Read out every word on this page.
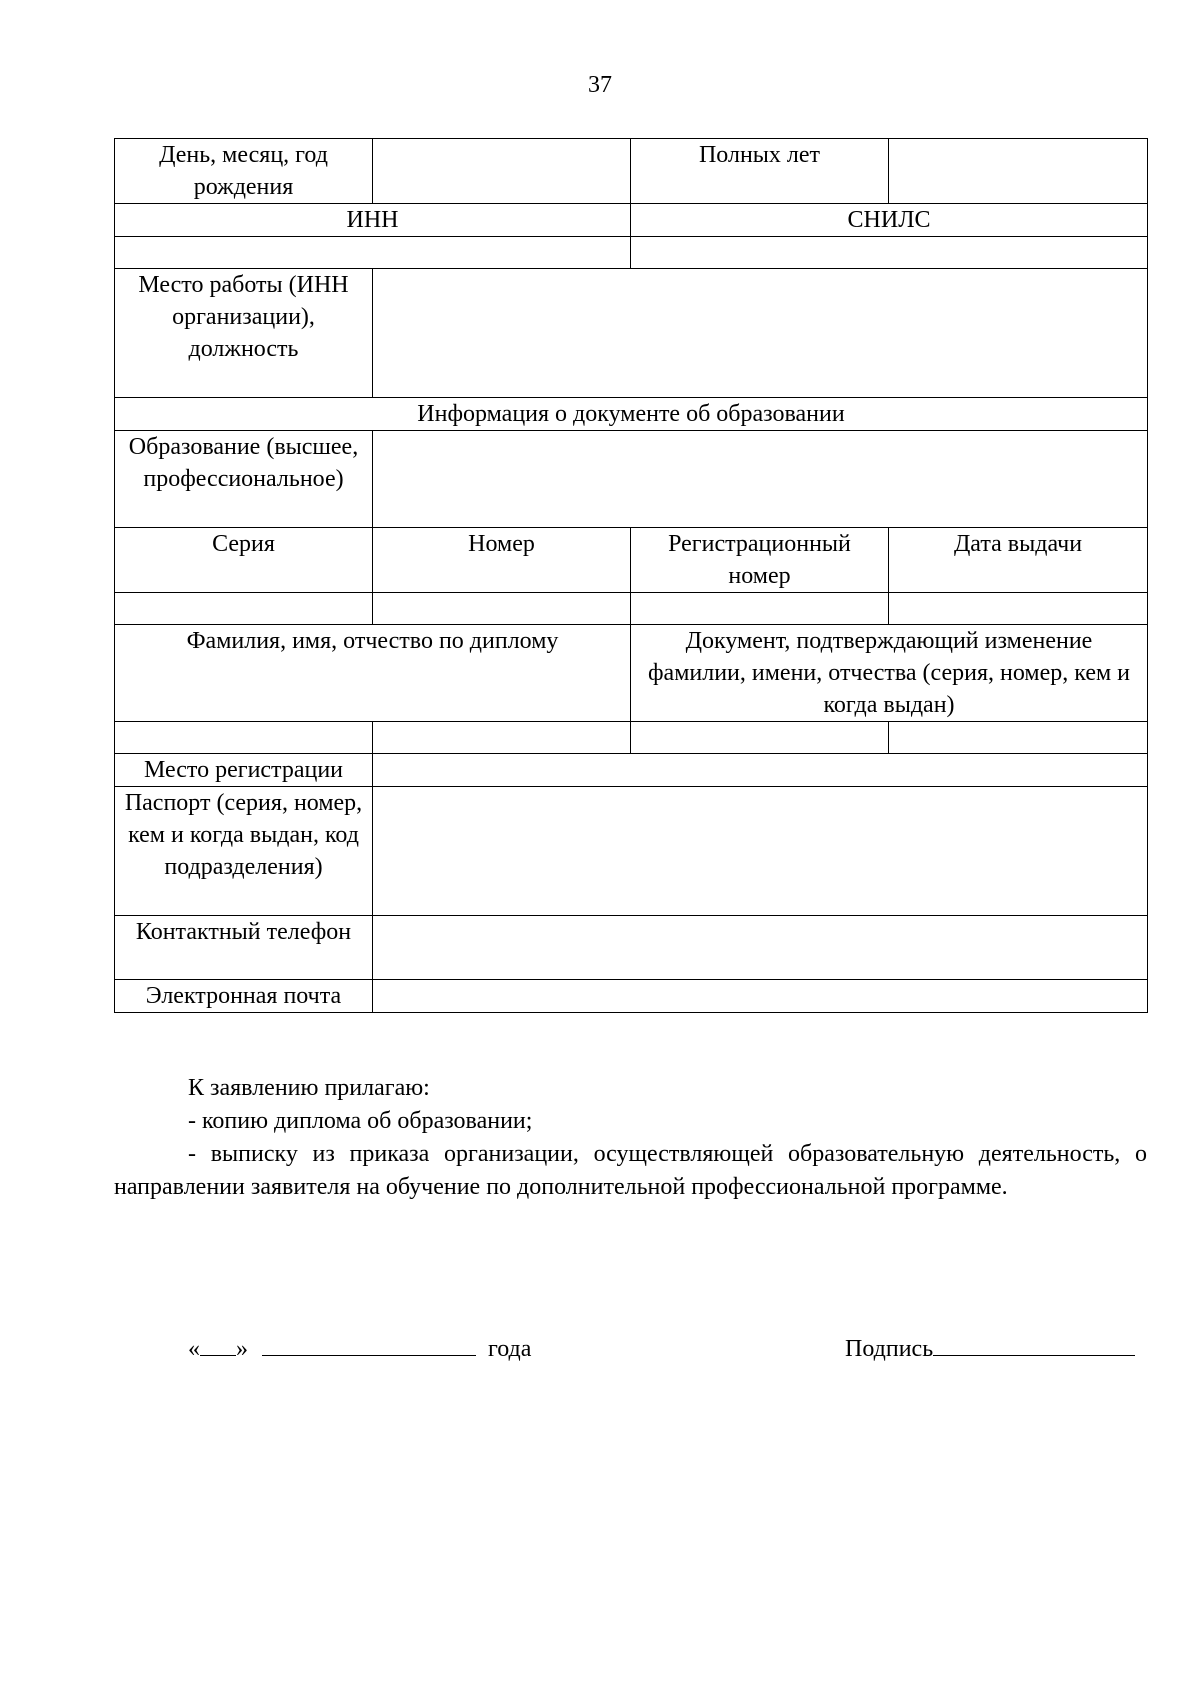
37
День, месяц, год рождения		Полных лет	
ИНН		СНИЛС	

Место работы (ИНН организации), должность			
Информация о документе об образовании			
Образование (высшее, профессиональное)			
Серия	Номер	Регистрационный номер	Дата выдачи

Фамилия, имя, отчество по диплому		Документ, подтверждающий изменение фамилии, имени, отчества (серия, номер, кем и когда выдан)	

Место регистрации			
Паспорт (серия, номер, кем и когда выдан, код подразделения)			
Контактный телефон			
Электронная почта			

К заявлению прилагаю:

- копию диплома об образовании;

- выписку из приказа организации, осуществляющей образовательную деятельность, о направлении заявителя на обучение по дополнительной профессиональной программе.

« »	года	Подпись
